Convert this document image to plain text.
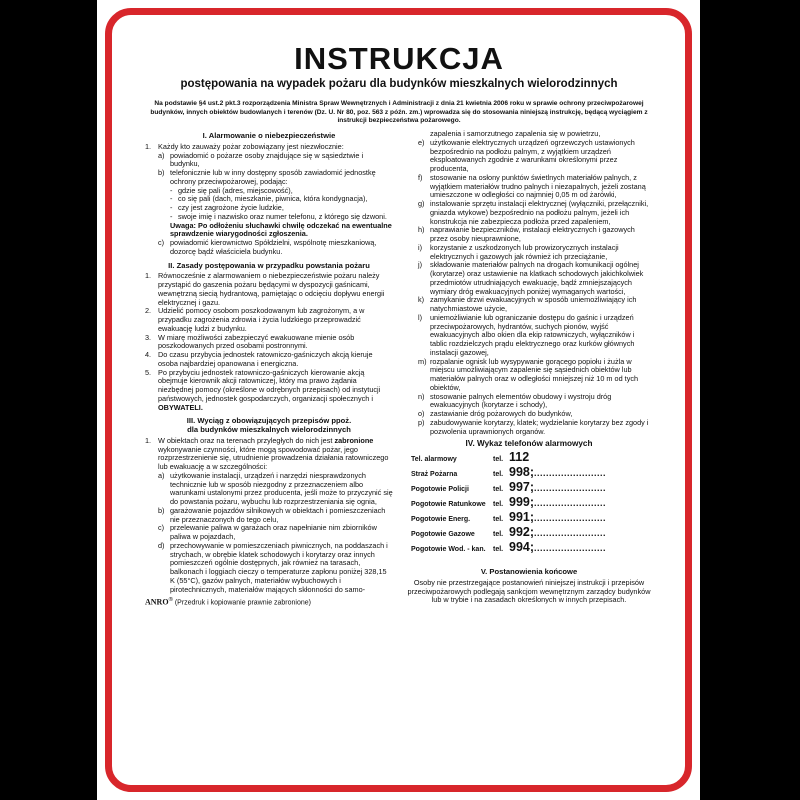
INSTRUKCJA
postępowania na wypadek pożaru dla budynków mieszkalnych wielorodzinnych
Na podstawie §4 ust.2 pkt.3 rozporządzenia Ministra Spraw Wewnętrznych i Administracji z dnia 21 kwietnia 2006 roku w sprawie ochrony przeciwpożarowej budynków, innych obiektów budowlanych i terenów (Dz. U. Nr 80, poz. 563 z późn. zm.) wprowadza się do stosowania niniejszą instrukcję, będącą wyciągiem z instrukcji bezpieczeństwa pożarowego.
I. Alarmowanie o niebezpieczeństwie
1. Każdy kto zauważy pożar zobowiązany jest niezwłocznie:
a) powiadomić o pożarze osoby znajdujące się w sąsiedztwie i budynku,
b) telefonicznie lub w inny dostępny sposób zawiadomić jednostkę ochrony przeciwpożarowej, podając:
- gdzie się pali (adres, miejscowość),
- co się pali (dach, mieszkanie, piwnica, która kondygnacja),
- czy jest zagrożone życie ludzkie,
- swoje imię i nazwisko oraz numer telefonu, z którego się dzwoni.
Uwaga: Po odłożeniu słuchawki chwilę odczekać na ewentualne sprawdzenie wiarygodności zgłoszenia.
c) powiadomić kierownictwo Spółdzielni, wspólnotę mieszkaniową, dozorcę bądź właściciela budynku.
II. Zasady postępowania w przypadku powstania pożaru
1. Równocześnie z alarmowaniem o niebezpieczeństwie pożaru należy przystąpić do gaszenia pożaru będącymi w dyspozycji gaśnicami, wewnętrzną siecią hydrantową, pamiętając o odcięciu dopływu energii elektrycznej i gazu.
2. Udzielić pomocy osobom poszkodowanym lub zagrożonym, a w przypadku zagrożenia zdrowia i życia ludzkiego przeprowadzić ewakuację ludzi z budynku.
3. W miarę możliwości zabezpieczyć ewakuowane mienie osób poszkodowanych przed osobami postronnymi.
4. Do czasu przybycia jednostek ratowniczo-gaśniczych akcją kieruje osoba najbardziej opanowana i energiczna.
5. Po przybyciu jednostek ratowniczo-gaśniczych kierowanie akcją obejmuje kierownik akcji ratowniczej, który ma prawo żądania niezbędnej pomocy (określone w odrębnych przepisach) od instytucji państwowych, jednostek gospodarczych, organizacji społecznych i OBYWATELI.
III. Wyciąg z obowiązujących przepisów ppoż.
dla budynków mieszkalnych wielorodzinnych
1. W obiektach oraz na terenach przyległych do nich jest zabronione wykonywanie czynności, które mogą spowodować pożar, jego rozprzestrzenienie się, utrudnienie prowadzenia działania ratowniczego lub ewakuację a w szczególności:
a) użytkowanie instalacji, urządzeń i narzędzi niesprawdzonych technicznie lub w sposób niezgodny z przeznaczeniem albo warunkami ustalonymi przez producenta, jeśli może to przyczynić się do powstania pożaru, wybuchu lub rozprzestrzeniania się ognia,
b) garażowanie pojazdów silnikowych w obiektach i pomieszczeniach nie przeznaczonych do tego celu,
c) przelewanie paliwa w garażach oraz napełnianie nim zbiorników paliwa w pojazdach,
d) przechowywanie w pomieszczeniach piwnicznych, na poddaszach i strychach, w obrębie klatek schodowych i korytarzy oraz innych pomieszczeń ogólnie dostępnych, jak również na tarasach, balkonach i loggiach cieczy o temperaturze zapłonu poniżej 328,15 K (55°C), gazów palnych, materiałów wybuchowych i pirotechnicznych, materiałów mających skłonności do samo-
ANRO® (Przedruk i kopiowanie prawnie zabronione)
zapalenia i samorzutnego zapalenia się w powietrzu,
e) użytkowanie elektrycznych urządzeń ogrzewczych ustawionych bezpośrednio na podłożu palnym, z wyjątkiem urządzeń eksploatowanych zgodnie z warunkami określonymi przez producenta,
f)	stosowanie na osłony punktów świetlnych materiałów palnych, z wyjątkiem materiałów trudno palnych i niezapalnych, jeżeli zostaną umieszczone w odległości co najmniej 0,05 m od żarówki,
g) instalowanie sprzętu instalacji elektrycznej (wyłączniki, przełączniki, gniazda wtykowe) bezpośrednio na podłożu palnym, jeżeli ich konstrukcja nie zabezpiecza podłoża przed zapaleniem,
h) naprawianie bezpieczników, instalacji elektrycznych i gazowych przez osoby nieuprawnione,
i)	korzystanie z uszkodzonych lub prowizorycznych instalacji elektrycznych i gazowych jak również ich przeciążanie,
j)	składowanie materiałów palnych na drogach komunikacji ogólnej (korytarze) oraz ustawienie na klatkach schodowych jakichkolwiek przedmiotów utrudniających ewakuację, bądź zmniejszających wymiary dróg ewakuacyjnych poniżej wymaganych wartości,
k) zamykanie drzwi ewakuacyjnych w sposób uniemożliwiający ich natychmiastowe użycie,
l)	uniemożliwianie lub ograniczanie dostępu do gaśnic i urządzeń przeciwpożarowych, hydrantów, suchych pionów, wyjść ewakuacyjnych albo okien dla ekip ratowniczych, wyłączników i tablic rozdzielczych prądu elektrycznego oraz kurków głównych instalacji gazowej,
m) rozpalanie ognisk lub wysypywanie gorącego popiołu i żużla w miejscu umożliwiającym zapalenie się sąsiednich obiektów lub materiałów palnych oraz w odległości mniejszej niż 10 m od tych obiektów,
n) stosowanie palnych elementów obudowy i wystroju dróg ewakuacyjnych (korytarze i schody),
o) zastawianie dróg pożarowych do budynków,
p) zabudowywanie korytarzy, klatek; wydzielanie korytarzy bez zgody i pozwolenia uprawnionych organów.
IV. Wykaz telefonów alarmowych
Tel. alarmowy	tel. 112
Straż Pożarna	tel. 998; ........................
Pogotowie Policji	tel. 997; ........................
Pogotowie Ratunkowe	tel. 999; ........................
Pogotowie Energ.	tel. 991; ........................
Pogotowie Gazowe	tel. 992; ........................
Pogotowie Wod. - kan.	tel. 994; ........................
V. Postanowienia końcowe
Osoby nie przestrzegające postanowień niniejszej instrukcji i przepisów przeciwpożarowych podlegają sankcjom wewnętrznym zarządcy budynków lub w trybie i na zasadach określonych w innych przepisach.
